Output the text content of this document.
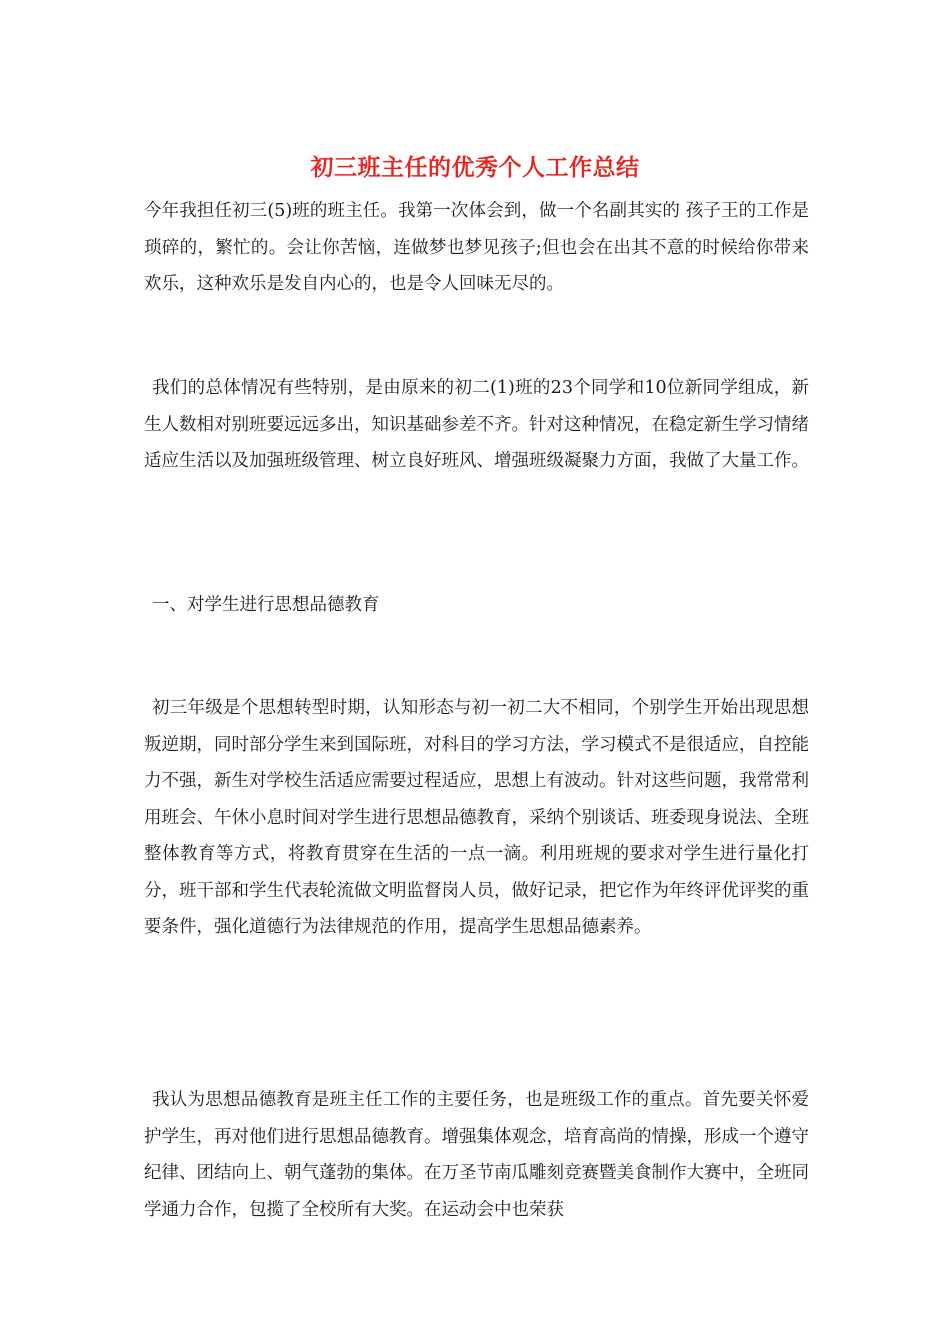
初三班主任的优秀个人工作总结
今年我担任初三(5)班的班主任。我第一次体会到，做一个名副其实的 孩子王的工作是琐碎的，繁忙的。会让你苦恼，连做梦也梦见孩子;但也会在出其不意的时候给你带来欢乐，这种欢乐是发自内心的，也是令人回味无尽的。
我们的总体情况有些特别，是由原来的初二(1)班的23个同学和10位新同学组成，新生人数相对别班要远远多出，知识基础参差不齐。针对这种情况，在稳定新生学习情绪适应生活以及加强班级管理、树立良好班风、增强班级凝聚力方面，我做了大量工作。
一、对学生进行思想品德教育
初三年级是个思想转型时期，认知形态与初一初二大不相同，个别学生开始出现思想叛逆期，同时部分学生来到国际班，对科目的学习方法，学习模式不是很适应，自控能力不强，新生对学校生活适应需要过程适应，思想上有波动。针对这些问题，我常常利用班会、午休小息时间对学生进行思想品德教育，采纳个别谈话、班委现身说法、全班整体教育等方式，将教育贯穿在生活的一点一滴。利用班规的要求对学生进行量化打分，班干部和学生代表轮流做文明监督岗人员，做好记录，把它作为年终评优评奖的重要条件，强化道德行为法律规范的作用，提高学生思想品德素养。
我认为思想品德教育是班主任工作的主要任务，也是班级工作的重点。首先要关怀爱护学生，再对他们进行思想品德教育。增强集体观念，培育高尚的情操，形成一个遵守纪律、团结向上、朝气蓬勃的集体。在万圣节南瓜雕刻竞赛暨美食制作大赛中，全班同学通力合作，包揽了全校所有大奖。在运动会中也荣获
